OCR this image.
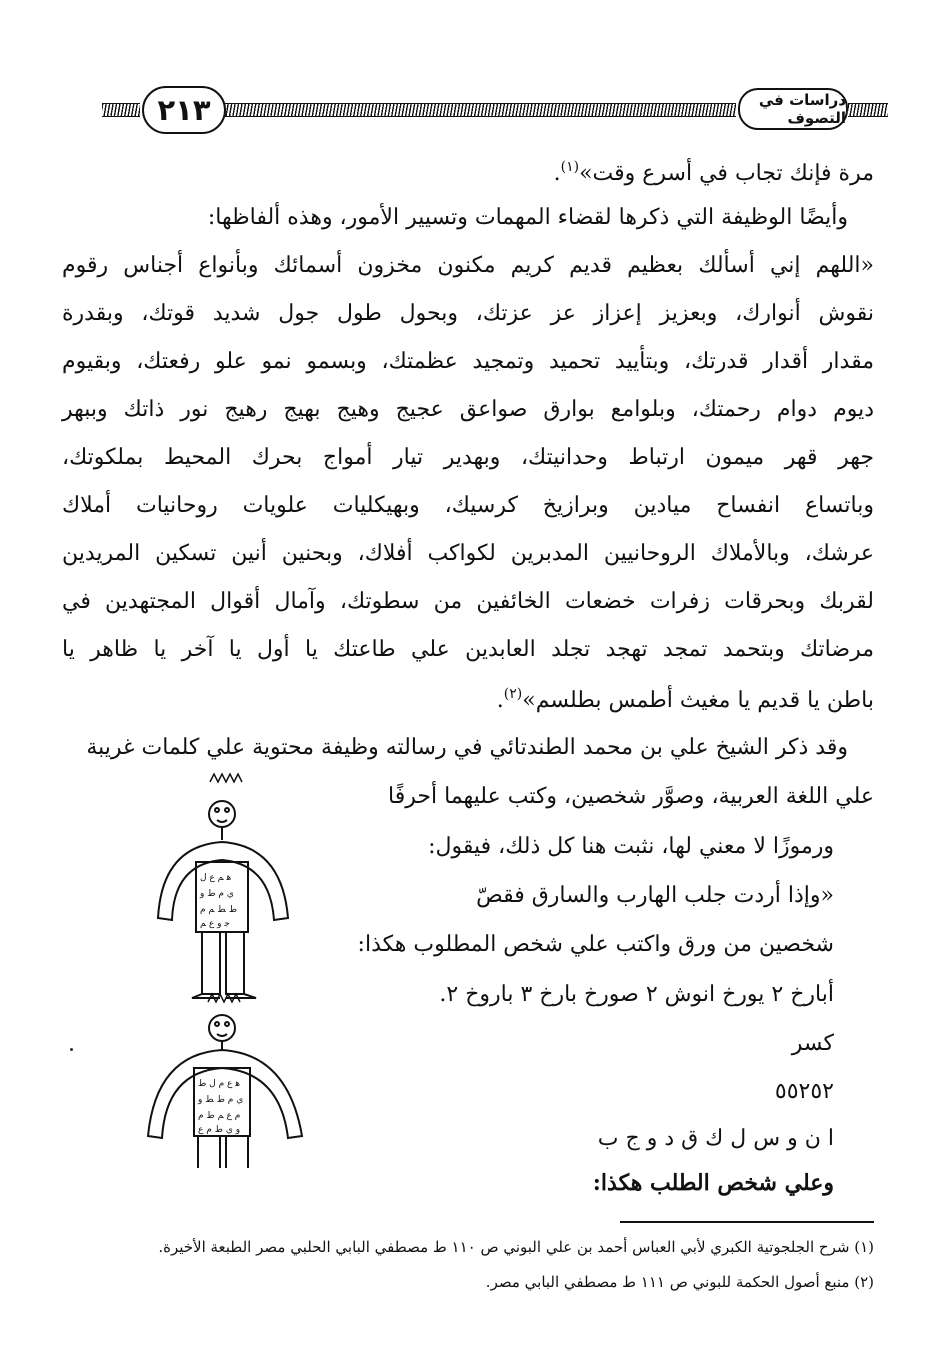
٢١٣	دراسات في التصوف
مرة فإنك تجاب في أسرع وقت»$^{(١)}$.
وأيضًا الوظيفة التي ذكرها لقضاء المهمات وتسيير الأمور، وهذه ألفاظها:
«اللهم إني أسألك بعظيم قديم كريم مكنون مخزون أسمائك وبأنواع أجناس رقوم
نقوش أنوارك، وبعزيز إعزاز عز عزتك، وبحول طول جول شديد قوتك، وبقدرة
مقدار أقدار قدرتك، وبتأييد تحميد وتمجيد عظمتك، وبسمو نمو علو رفعتك، وبقيوم
ديوم دوام رحمتك، وبلوامع بوارق صواعق عجيج وهيج بهيج رهيج نور ذاتك وببهر
جهر قهر ميمون ارتباط وحدانيتك، وبهدير تيار أمواج بحرك المحيط بملكوتك،
وباتساع انفساح ميادين وبرازيخ كرسيك، وبهيكليات علويات روحانيات أملاك
عرشك، وبالأملاك الروحانيين المدبرين لكواكب أفلاك، وبحنين أنين تسكين المريدين
لقربك وبحرقات زفرات خضعات الخائفين من سطوتك، وآمال أقوال المجتهدين في
مرضاتك وبتحمد تمجد تهجد تجلد العابدين علي طاعتك يا أول يا آخر يا ظاهر يا
باطن يا قديم يا مغيث أطمس بطلسم»$^{(٢)}$.
وقد ذكر الشيخ علي بن محمد الطندتائي في رسالته وظيفة محتوية علي كلمات غريبة
علي اللغة العربية، وصوَّر شخصين، وكتب عليهما أحرفًا
ورموزًا لا معني لها، نثبت هنا كل ذلك، فيقول:
«وإذا أردت جلب الهارب والسارق فقصّ
شخصين من ورق واكتب علي شخص المطلوب هكذا:
أبارخ ٢ يورخ انوش ٢ صورخ بارخ ٣ باروخ ٢.
كسر
٥٥٢٥٢
ا ن و س ل ك ق د و ج ب
وعلي شخص الطلب هكذا:
ﻫ ﻢ ﻉ ﻝ
ﻱ ﻡ ﻁ ﻭ
ﻁ ﻂ ﻢ ﻡ
ﺟ ﻭ ﻉ ﻢ
ﻫ ﻉ ﻡ ﻝ ﻁ
ﻱ ﻡ ﻁ ﻂ ﻭ
ﻡ ﻉ ﻢ ﻁ ﻡ
ﻭ ﻱ ﻁ ﻡ ﻉ
(١) شرح الجلجوتية الكبري لأبي العباس أحمد بن علي البوني ص ١١٠ ط مصطفي البابي الحلبي مصر الطبعة الأخيرة.
(٢) منبع أصول الحكمة للبوني ص ١١١ ط مصطفي البابي مصر.
